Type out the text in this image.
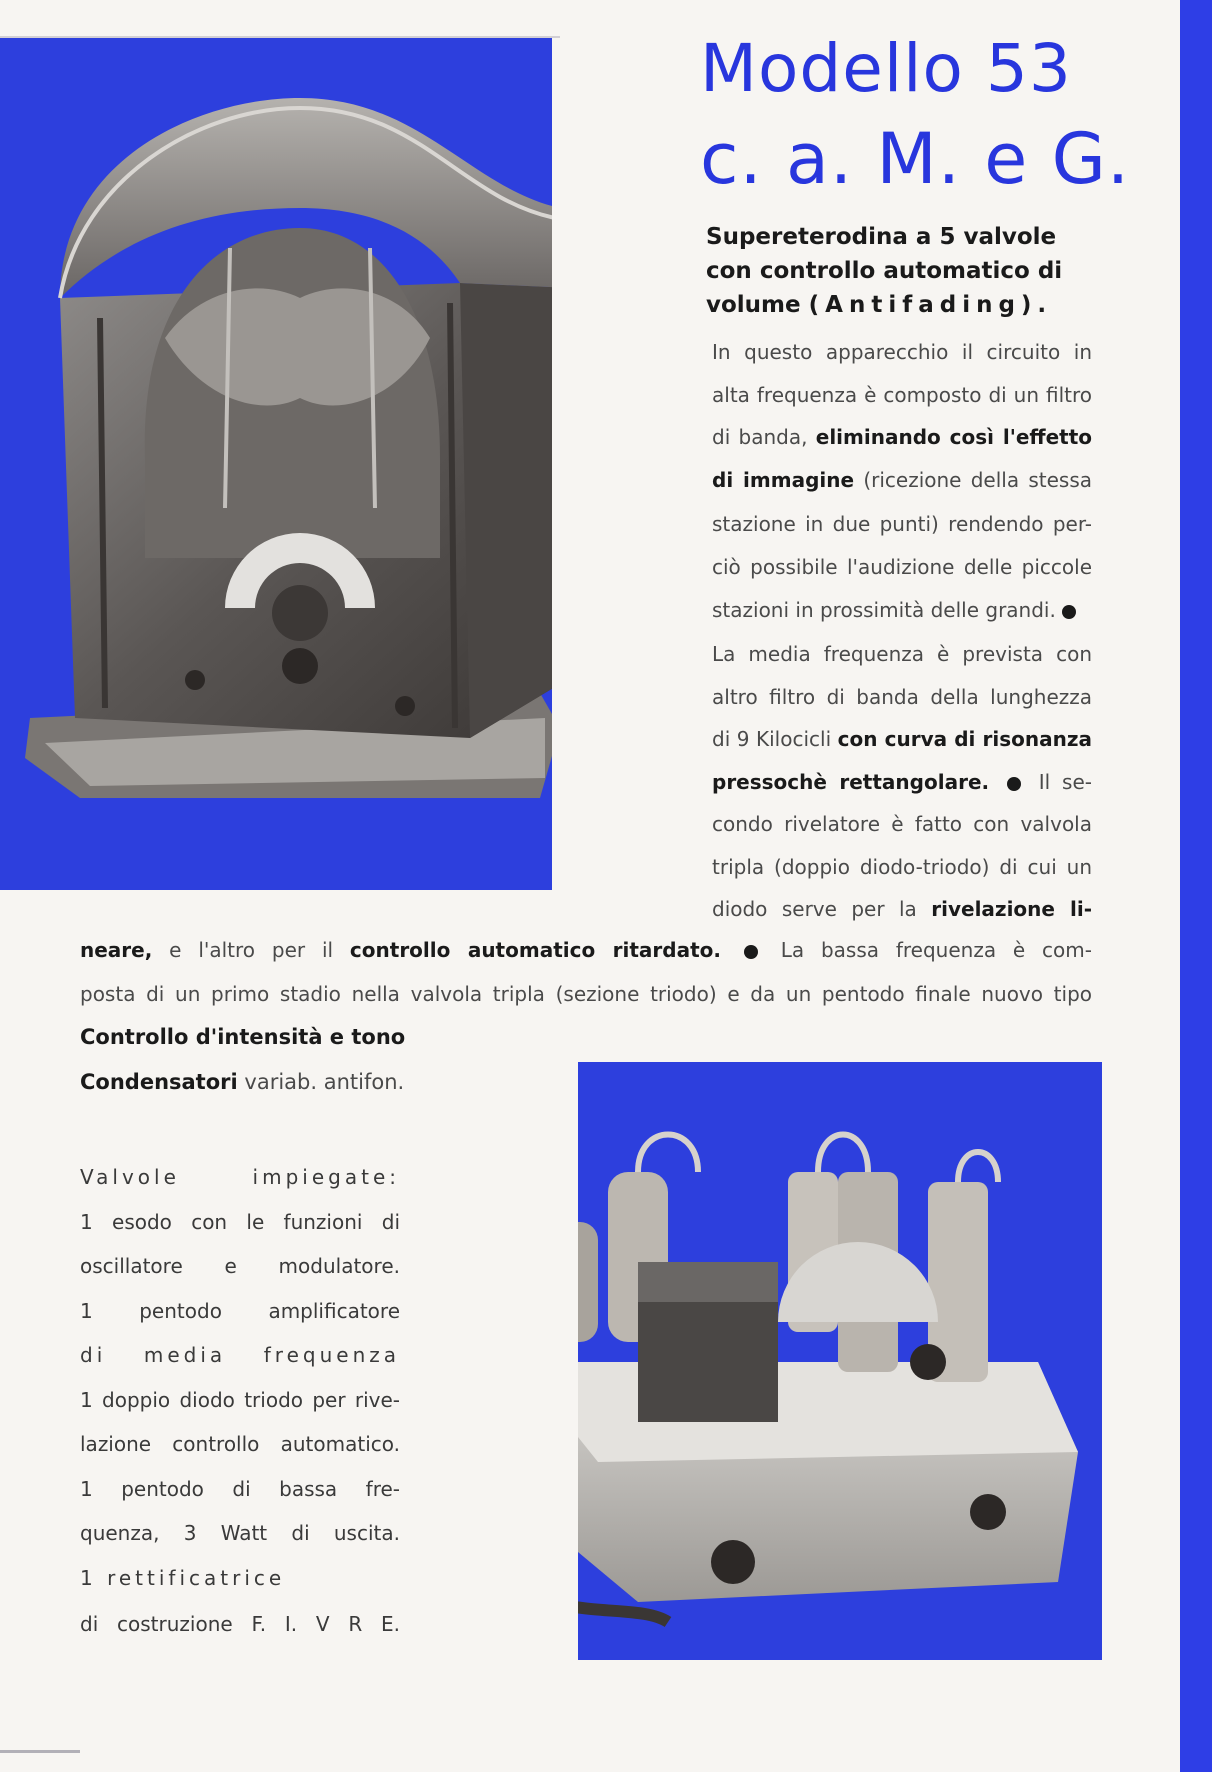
Modello 53
c. a. M. e G.
Supereterodina a 5 valvole
con controllo automatico di
volume (Antifading).
In questo apparecchio il circuito in
alta frequenza è composto di un filtro
di banda, eliminando così l'effetto
di immagine (ricezione della stessa
stazione in due punti) rendendo per-
ciò possibile l'audizione delle piccole
stazioni in prossimità delle grandi.
La media frequenza è prevista con
altro filtro di banda della lunghezza
di 9 Kilocicli con curva di risonanza
pressochè rettangolare. Il se-
condo rivelatore è fatto con valvola
tripla (doppio diodo-triodo) di cui un
diodo serve per la rivelazione li-
neare, e l'altro per il controllo automatico ritardato.	La bassa frequenza è com-
posta di un primo stadio nella valvola tripla (sezione triodo) e da un pentodo finale nuovo tipo
Controllo d'intensità e tono
Condensatori variab. antifon.
Valvole impiegate:
1 esodo con le funzioni di
oscillatore e modulatore.
1 pentodo amplificatore
di media frequenza
1 doppio diodo triodo per rive-
lazione controllo automatico.
1 pentodo di bassa fre-
quenza, 3 Watt di uscita.
1 rettificatrice
di costruzione F. I. V R E.
